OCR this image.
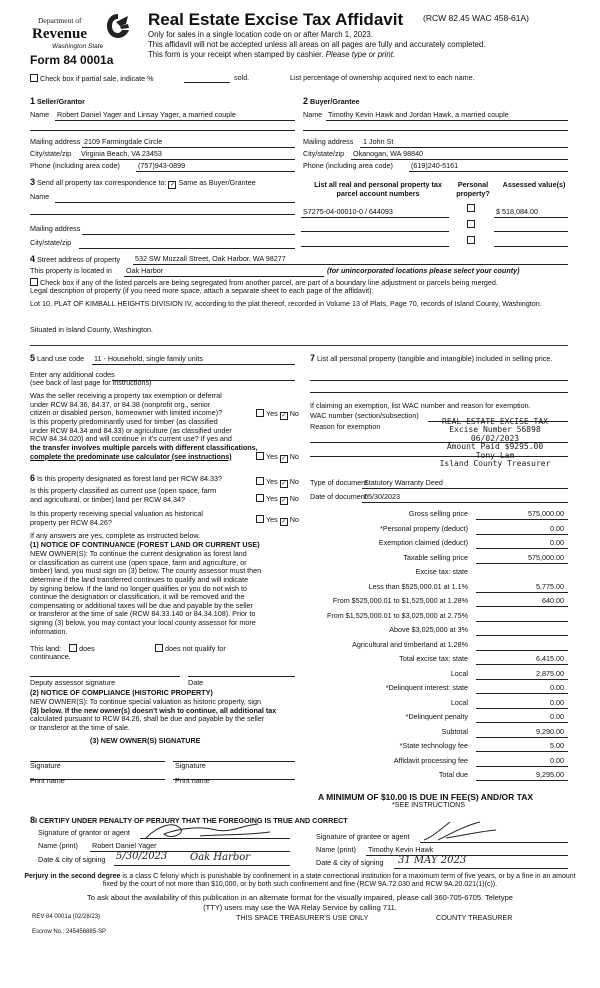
Department of
Revenue
Washington State
Form 84 0001a
Real Estate Excise Tax Affidavit (RCW 82.45 WAC 458-61A)
Only for sales in a single location code on or after March 1, 2023.
This affidavit will not be accepted unless all areas on all pages are fully and accurately completed.
This form is your receipt when stamped by cashier. Please type or print.
Check box if partial sale, indicate %	sold.	List percentage of ownership acquired next to each name.
1 Seller/Grantor
Name Robert Daniel Yager and Linsay Yager, a married couple
Mailing address 2109 Farmingdale Circle
City/state/zip Virginia Beach, VA 23453
Phone (including area code)	(757)943-0899
2 Buyer/Grantee
Name Timothy Kevin Hawk and Jordan Hawk, a married couple
Mailing address 1 John St
City/state/zip Okanogan, WA 98840
Phone (including area code)	(619)240-5161
3 Send all property tax correspondence to: ✓ Same as Buyer/Grantee
Name
Mailing address
City/state/zip
List all real and personal property tax parcel account numbers
Personal property?
Assessed value(s)
S7275-04-00010-0 / 644093	$ 518,084.00
4 Street address of property 532 SW Muzzall Street, Oak Harbor, WA 98277
This property is located in Oak Harbor	(for unincorporated locations please select your county)
Check box if any of the listed parcels are being segregated from another parcel, are part of a boundary line adjustment or parcels being merged.
Legal description of property (if you need more space, attach a separate sheet to each page of the affidavit).
Lot 10, PLAT OF KIMBALL HEIGHTS DIVISION IV, according to the plat thereof, recorded in Volume 13 of Plats, Page 70, records of Island County, Washington.
Situated in Island County, Washington.
5 Land use code 11 - Household, single family units
Enter any additional codes
(see back of last page for instructions)
Was the seller receiving a property tax exemption or deferral
under RCW 84.36, 84.37, or 84.38 (nonprofit org., senior
citizen or disabled person, homeowner with limited income)?	Yes ✓ No
Is this property predominantly used for timber (as classified
under RCW 84.34 and 84.33) or agriculture (as classified under
RCW 84.34.020) and will continue in it's current use? If yes and
the transfer involves multiple parcels with different classifications,
complete the predominate use calculator (see instructions)	Yes ✓ No
7 List all personal property (tangible and intangible) included in selling price.
If claiming an exemption, list WAC number and reason for exemption.
WAC number (section/subsection)
Reason for exemption
REAL ESTATE EXCISE TAX
Excise Number 56898
06/02/2023
Amount Paid $9295.00
Tony Lam
Island County Treasurer
6 Is this property designated as forest land per RCW 84.33?	Yes ✓ No
Is this property classified as current use (open space, farm
and agricultural, or timber) land per RCW 84.34?	Yes ✓ No
Is this property receiving special valuation as historical
property per RCW 84.26?	Yes ✓ No
If any answers are yes, complete as instructed below.
(1) NOTICE OF CONTINUANCE (FOREST LAND OR CURRENT USE)
NEW OWNER(S): To continue the current designation as forest land
or classification as current use (open space, farm and agriculture, or
timber) land, you must sign on (3) below. The county assessor must then
determine if the land transferred continues to qualify and will indicate
by signing below. If the land no longer qualifies or you do not wish to
continue the designation or classification, it will be removed and the
compensating or additional taxes will be due and payable by the seller
or transferor at the time of sale (RCW 84.33.140 or 84.34.108). Prior to
signing (3) below, you may contact your local county assessor for more
information.
This land:	does	does not qualify for
continuance.
Deputy assessor signature	Date
(2) NOTICE OF COMPLIANCE (HISTORIC PROPERTY)
NEW OWNER(S): To continue special valuation as historic property, sign
(3) below. If the new owner(s) doesn't wish to continue, all additional tax
calculated pursuant to RCW 84.26, shall be due and payable by the seller
or transferor at the time of sale.
(3) NEW OWNER(S) SIGNATURE
Signature	Signature
Print name	Print name
Type of document
Statutory Warranty Deed
Date of document
05/30/2023
Gross selling price	575,000.00
*Personal property (deduct)	0.00
Exemption claimed (deduct)	0.00
Taxable selling price	575,000.00
Excise tax: state
Less than $525,000.01 at 1.1%	5,775.00
From $525,000.01 to $1,525,000 at 1.28%	640.00
From $1,525,000.01 to $3,025,000 at 2.75%
Above $3,025,000 at 3%
Agricultural and timberland at 1.28%
Total excise tax: state	6,415.00
Local	2,875.00
*Delinquent interest: state	0.00
Local	0.00
*Delinquent penalty	0.00
Subtotal	9,290.00
*State technology fee	5.00
Affidavit processing fee	0.00
Total due	9,295.00
A MINIMUM OF $10.00 IS DUE IN FEE(S) AND/OR TAX
*SEE INSTRUCTIONS
8I CERTIFY UNDER PENALTY OF PERJURY THAT THE FOREGOING IS TRUE AND CORRECT
Signature of grantor or agent
Name (print) Robert Daniel Yager
Date & city of signing 5/30/2023 Oak Harbor
Signature of grantee or agent
Name (print) Timothy Kevin Hawk
Date & city of signing 31 MAY 2023
Perjury in the second degree is a class C felony which is punishable by confinement in a state correctional institution for a maximum term of five years, or by a fine in an amount fixed by the court of not more than $10,000, or by both such confinement and fine (RCW 9A.72.030 and RCW 9A.20.021(1)(c)).
To ask about the availability of this publication in an alternate format for the visually impaired, please call 360-705-6705. Teletype
(TTY) users may use the WA Relay Service by calling 711.
REV 84 0001a (02/28/23)	THIS SPACE TREASURER'S USE ONLY	COUNTY TREASURER
Escrow No.: 245456885-SP
